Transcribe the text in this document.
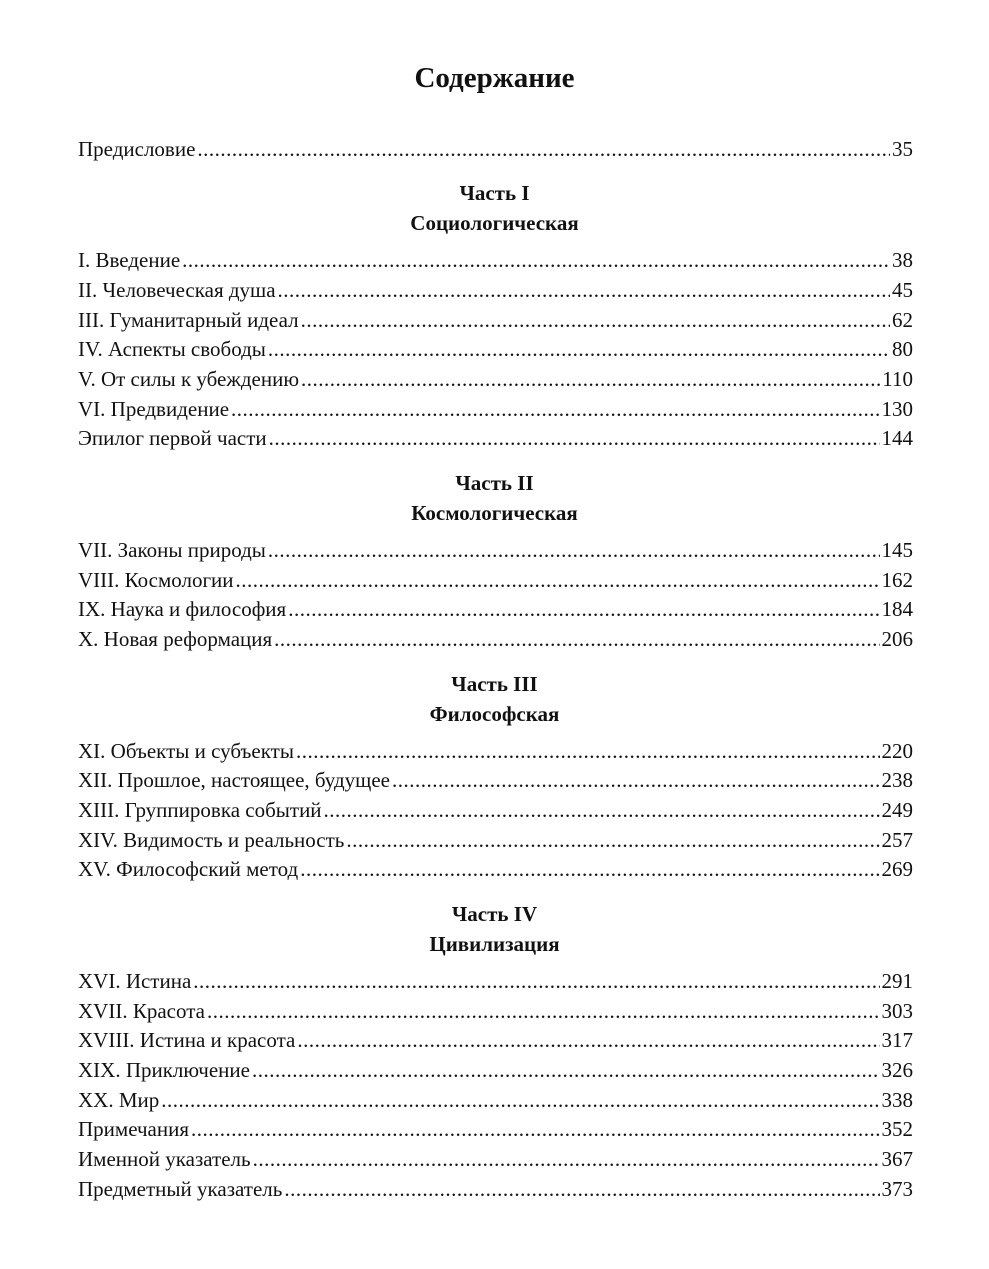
Содержание
Предисловие .....	35
Часть I
Социологическая
I. Введение .....	38
II. Человеческая душа .....	45
III. Гуманитарный идеал .....	62
IV. Аспекты свободы .....	80
V. От силы к убеждению .....	110
VI. Предвидение .....	130
Эпилог первой части .....	144
Часть II
Космологическая
VII. Законы природы .....	145
VIII. Космологии .....	162
IX. Наука и философия .....	184
X. Новая реформация .....	206
Часть III
Философская
XI. Объекты и субъекты .....	220
XII. Прошлое, настоящее, будущее .....	238
XIII. Группировка событий .....	249
XIV. Видимость и реальность .....	257
XV. Философский метод .....	269
Часть IV
Цивилизация
XVI. Истина .....	291
XVII. Красота .....	303
XVIII. Истина и красота .....	317
XIX. Приключение .....	326
XX. Мир .....	338
Примечания .....	352
Именной указатель .....	367
Предметный указатель .....	373
